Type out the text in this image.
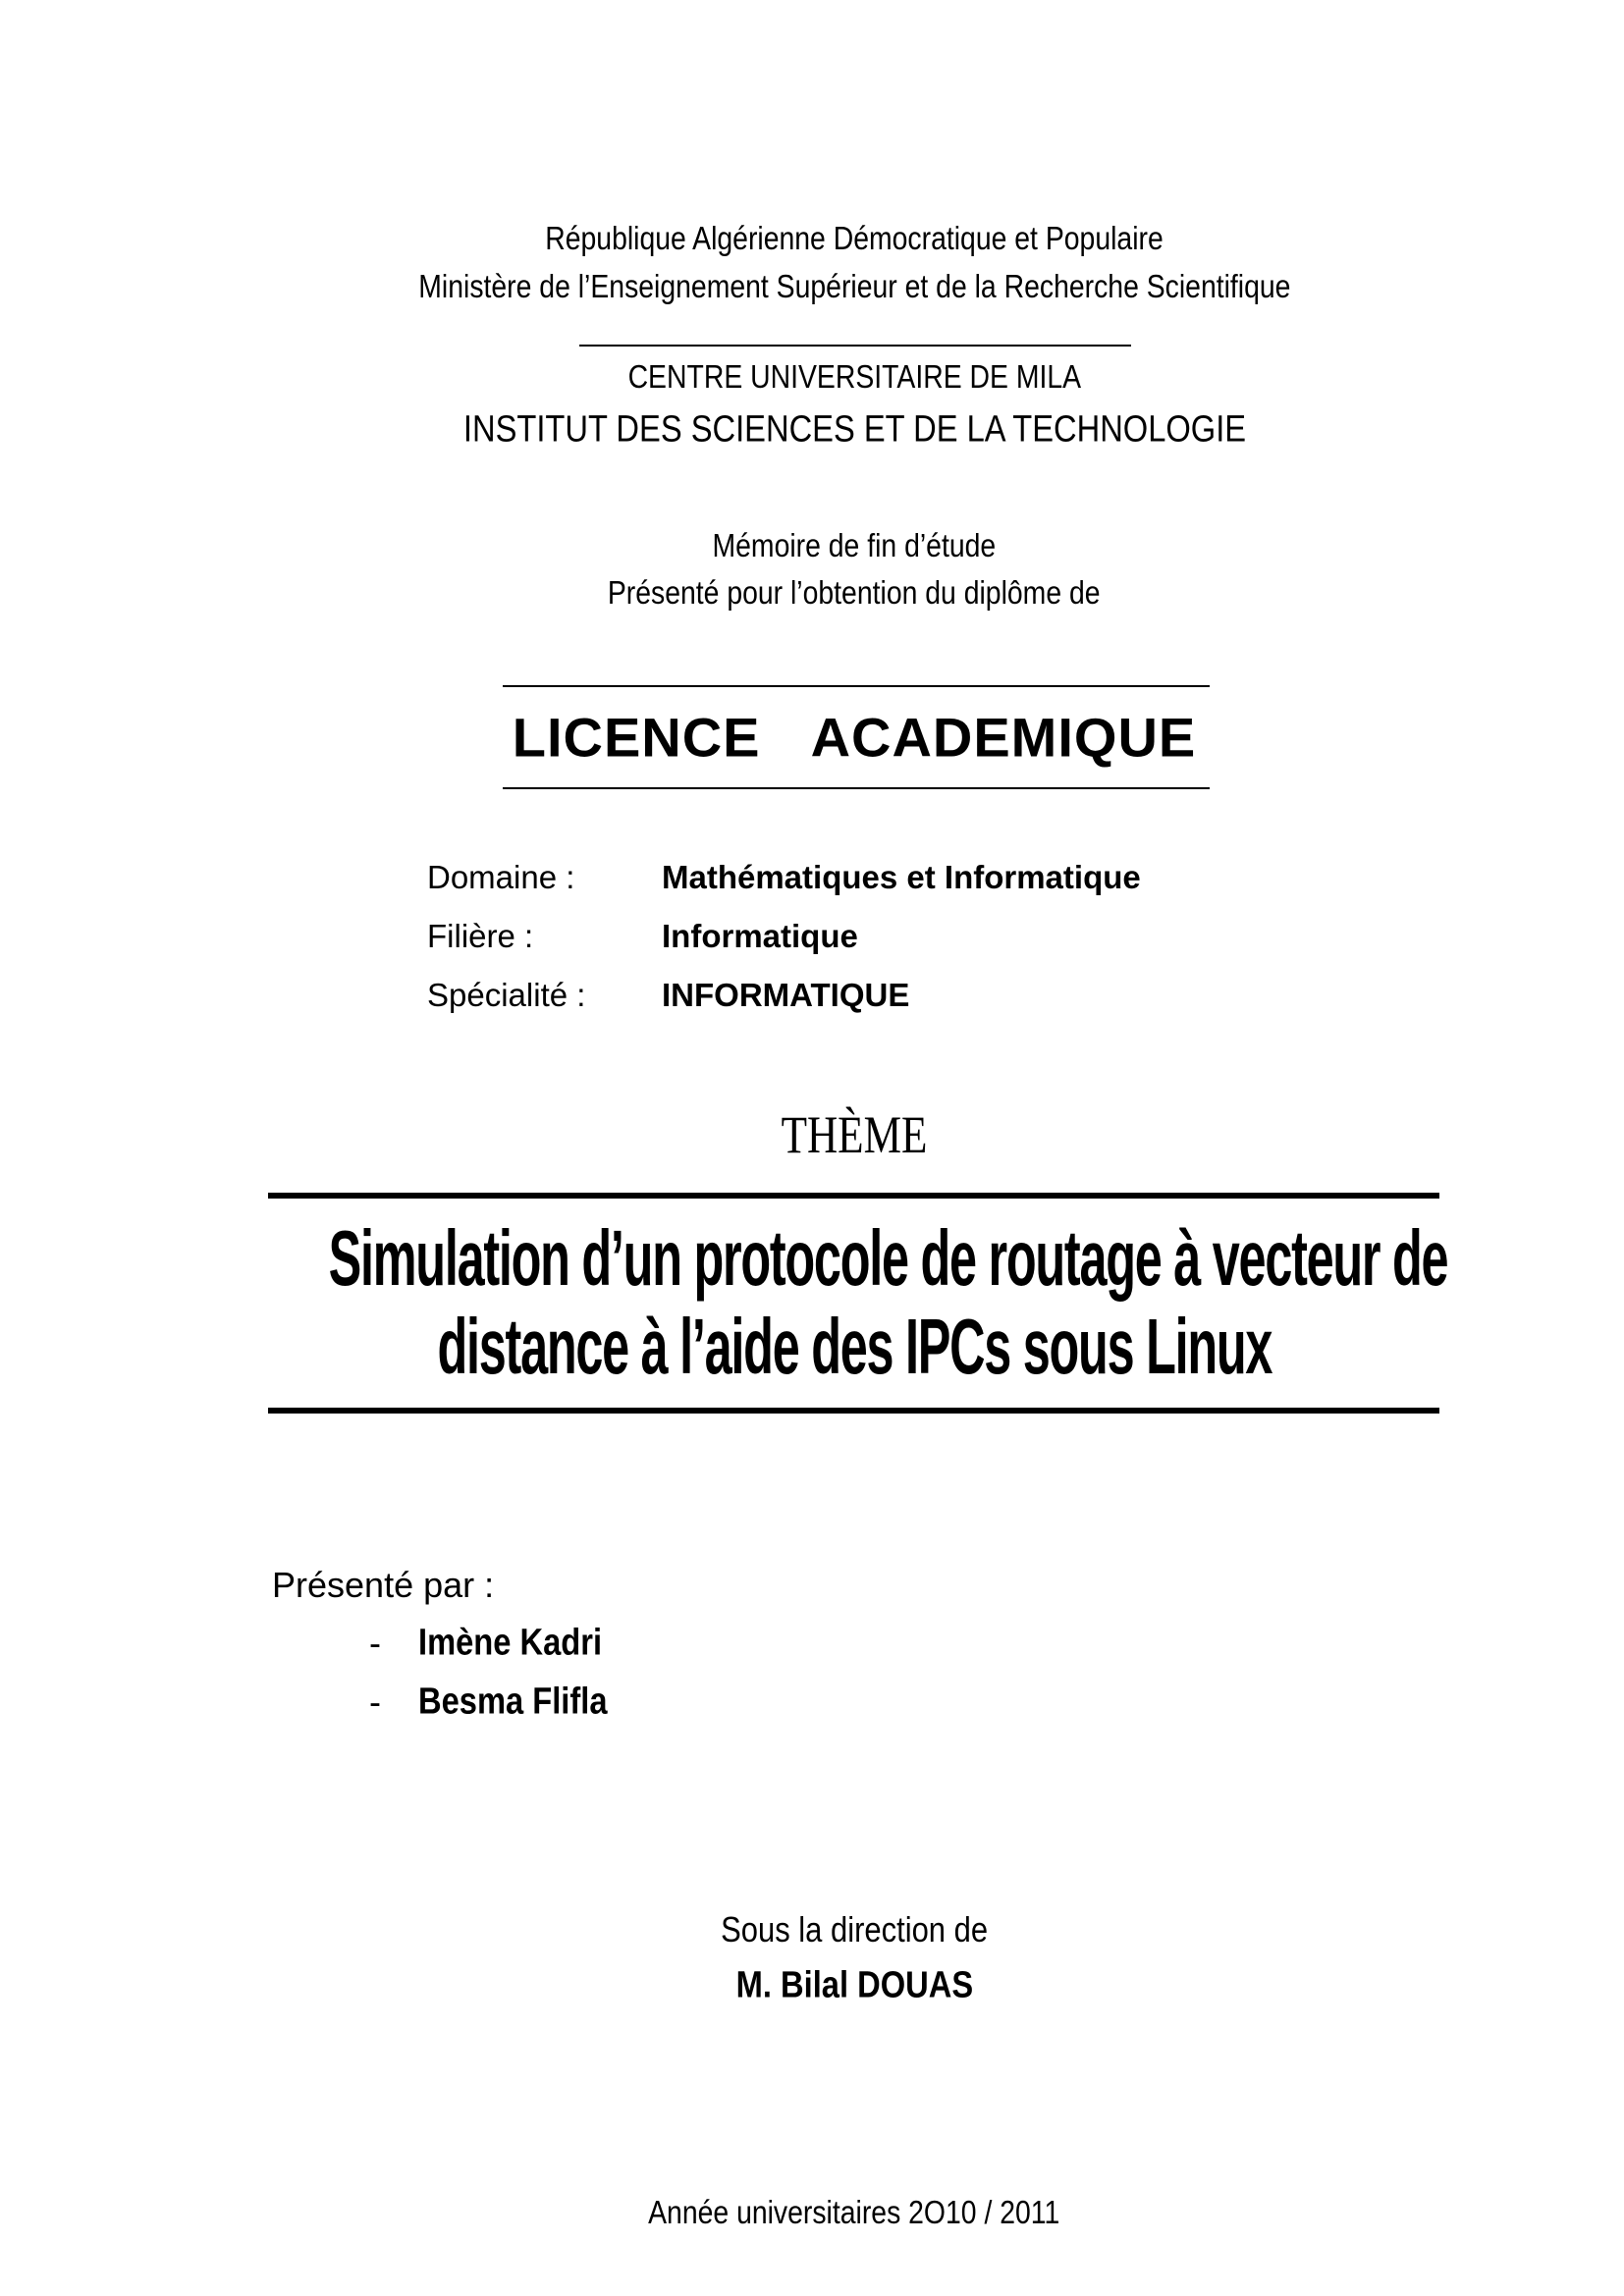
République Algérienne Démocratique et Populaire
Ministère de l’Enseignement Supérieur et de la Recherche Scientifique
CENTRE UNIVERSITAIRE DE MILA
INSTITUT DES SCIENCES ET DE LA TECHNOLOGIE
Mémoire de fin d’étude
Présenté pour l’obtention du diplôme de
LICENCE  ACADEMIQUE
Domaine :	Mathématiques et Informatique
Filière :	Informatique
Spécialité : INFORMATIQUE
THÈME
Simulation d’un protocole de routage à vecteur de
distance à l’aide des IPCs sous Linux
Présenté par :
- Imène Kadri
- Besma Flifla
Sous la direction de
M. Bilal DOUAS
Année universitaires 2O10 / 2011
